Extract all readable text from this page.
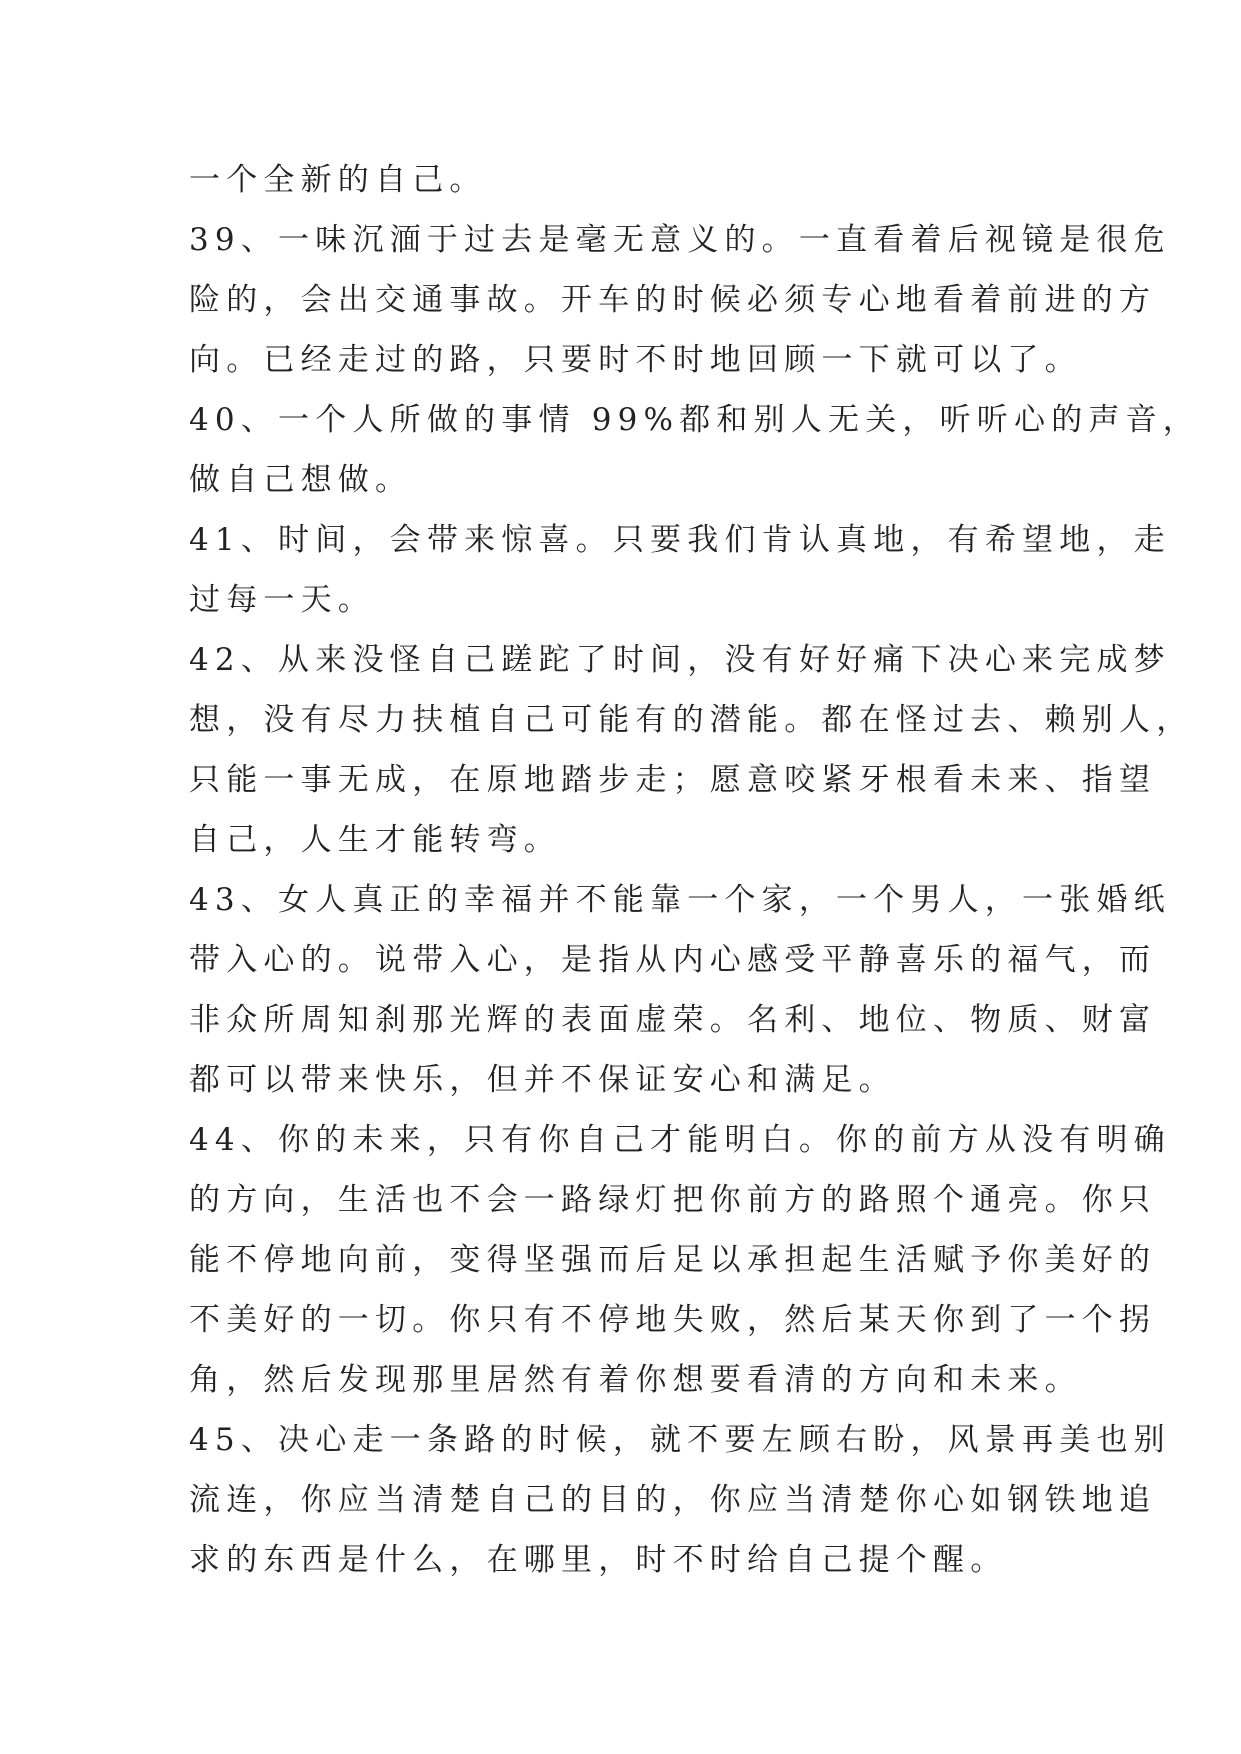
一个全新的自己。
39、一味沉湎于过去是毫无意义的。一直看着后视镜是很危
险的，会出交通事故。开车的时候必须专心地看着前进的方
向。已经走过的路，只要时不时地回顾一下就可以了。
40、一个人所做的事情 99%都和别人无关，听听心的声音，
做自己想做。
41、时间，会带来惊喜。只要我们肯认真地，有希望地，走
过每一天。
42、从来没怪自己蹉跎了时间，没有好好痛下决心来完成梦
想，没有尽力扶植自己可能有的潜能。都在怪过去、赖别人，
只能一事无成，在原地踏步走；愿意咬紧牙根看未来、指望
自己，人生才能转弯。
43、女人真正的幸福并不能靠一个家，一个男人，一张婚纸
带入心的。说带入心，是指从内心感受平静喜乐的福气，而
非众所周知刹那光辉的表面虚荣。名利、地位、物质、财富
都可以带来快乐，但并不保证安心和满足。
44、你的未来，只有你自己才能明白。你的前方从没有明确
的方向，生活也不会一路绿灯把你前方的路照个通亮。你只
能不停地向前，变得坚强而后足以承担起生活赋予你美好的
不美好的一切。你只有不停地失败，然后某天你到了一个拐
角，然后发现那里居然有着你想要看清的方向和未来。
45、决心走一条路的时候，就不要左顾右盼，风景再美也别
流连，你应当清楚自己的目的，你应当清楚你心如钢铁地追
求的东西是什么，在哪里，时不时给自己提个醒。
